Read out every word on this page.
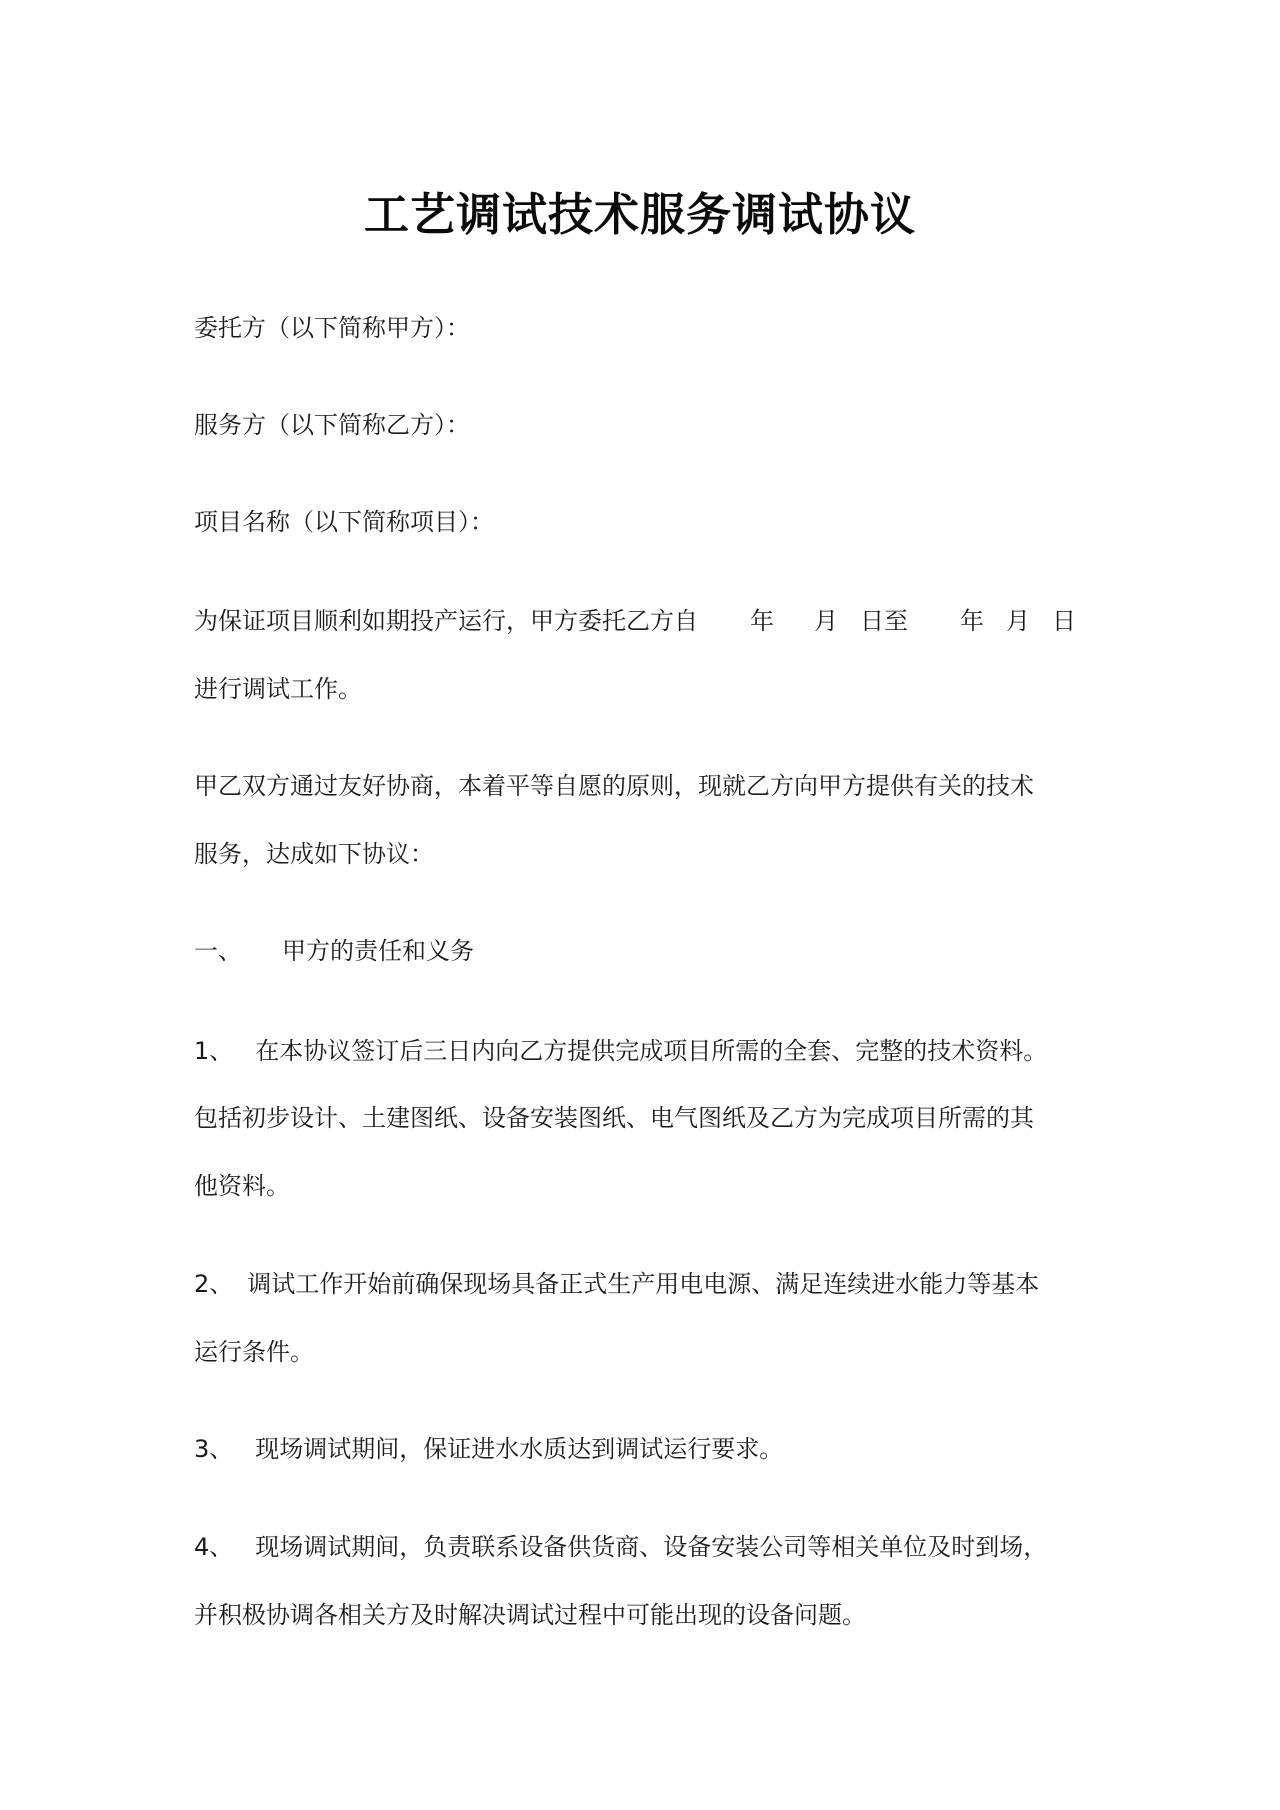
工艺调试技术服务调试协议
委托方（以下简称甲方）：
服务方（以下简称乙方）：
项目名称（以下简称项目）：
为保证项目顺利如期投产运行，甲方委托乙方自 年 月 日至 年 月 日
进行调试工作。
甲乙双方通过友好协商，本着平等自愿的原则，现就乙方向甲方提供有关的技术
服务，达成如下协议：
一、 甲方的责任和义务
1、 在本协议签订后三日内向乙方提供完成项目所需的全套、完整的技术资料。
包括初步设计、土建图纸、设备安装图纸、电气图纸及乙方为完成项目所需的其
他资料。
2、 调试工作开始前确保现场具备正式生产用电电源、满足连续进水能力等基本
运行条件。
3、 现场调试期间，保证进水水质达到调试运行要求。
4、 现场调试期间，负责联系设备供货商、设备安装公司等相关单位及时到场，
并积极协调各相关方及时解决调试过程中可能出现的设备问题。
